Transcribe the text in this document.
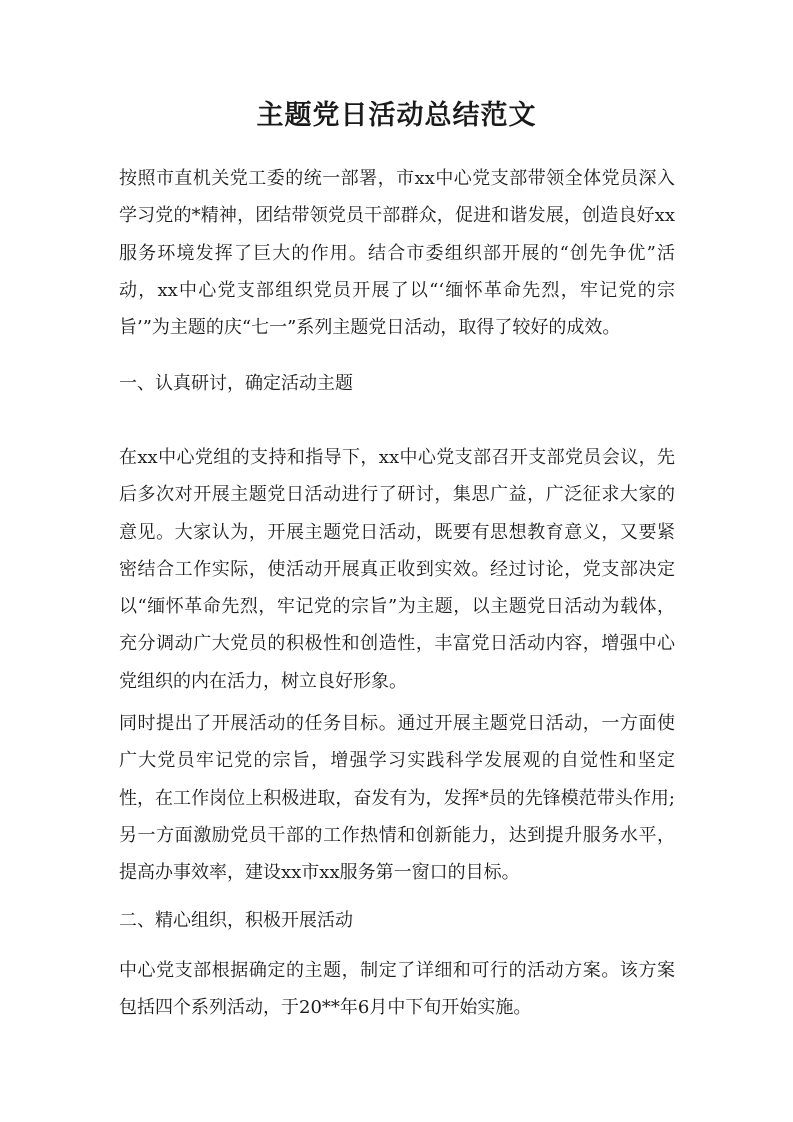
主题党日活动总结范文

按照市直机关党工委的统一部署，市xx中心党支部带领全体党员深入学习党的*精神，团结带领党员干部群众，促进和谐发展，创造良好xx服务环境发挥了巨大的作用。结合市委组织部开展的“创先争优”活动，xx中心党支部组织党员开展了以“‘缅怀革命先烈，牢记党的宗旨’”为主题的庆“七一”系列主题党日活动，取得了较好的成效。

一、认真研讨，确定活动主题

在xx中心党组的支持和指导下，xx中心党支部召开支部党员会议，先后多次对开展主题党日活动进行了研讨，集思广益，广泛征求大家的意见。大家认为，开展主题党日活动，既要有思想教育意义，又要紧密结合工作实际，使活动开展真正收到实效。经过讨论，党支部决定以“缅怀革命先烈，牢记党的宗旨”为主题，以主题党日活动为载体，充分调动广大党员的积极性和创造性，丰富党日活动内容，增强中心党组织的内在活力，树立良好形象。

同时提出了开展活动的任务目标。通过开展主题党日活动，一方面使广大党员牢记党的宗旨，增强学习实践科学发展观的自觉性和坚定性，在工作岗位上积极进取，奋发有为，发挥*员的先锋模范带头作用;另一方面激励党员干部的工作热情和创新能力，达到提升服务水平，提高办事效率，建设xx市xx服务第一窗口的目标。

二、精心组织，积极开展活动

中心党支部根据确定的主题，制定了详细和可行的活动方案。该方案包括四个系列活动，于20**年6月中下旬开始实施。
